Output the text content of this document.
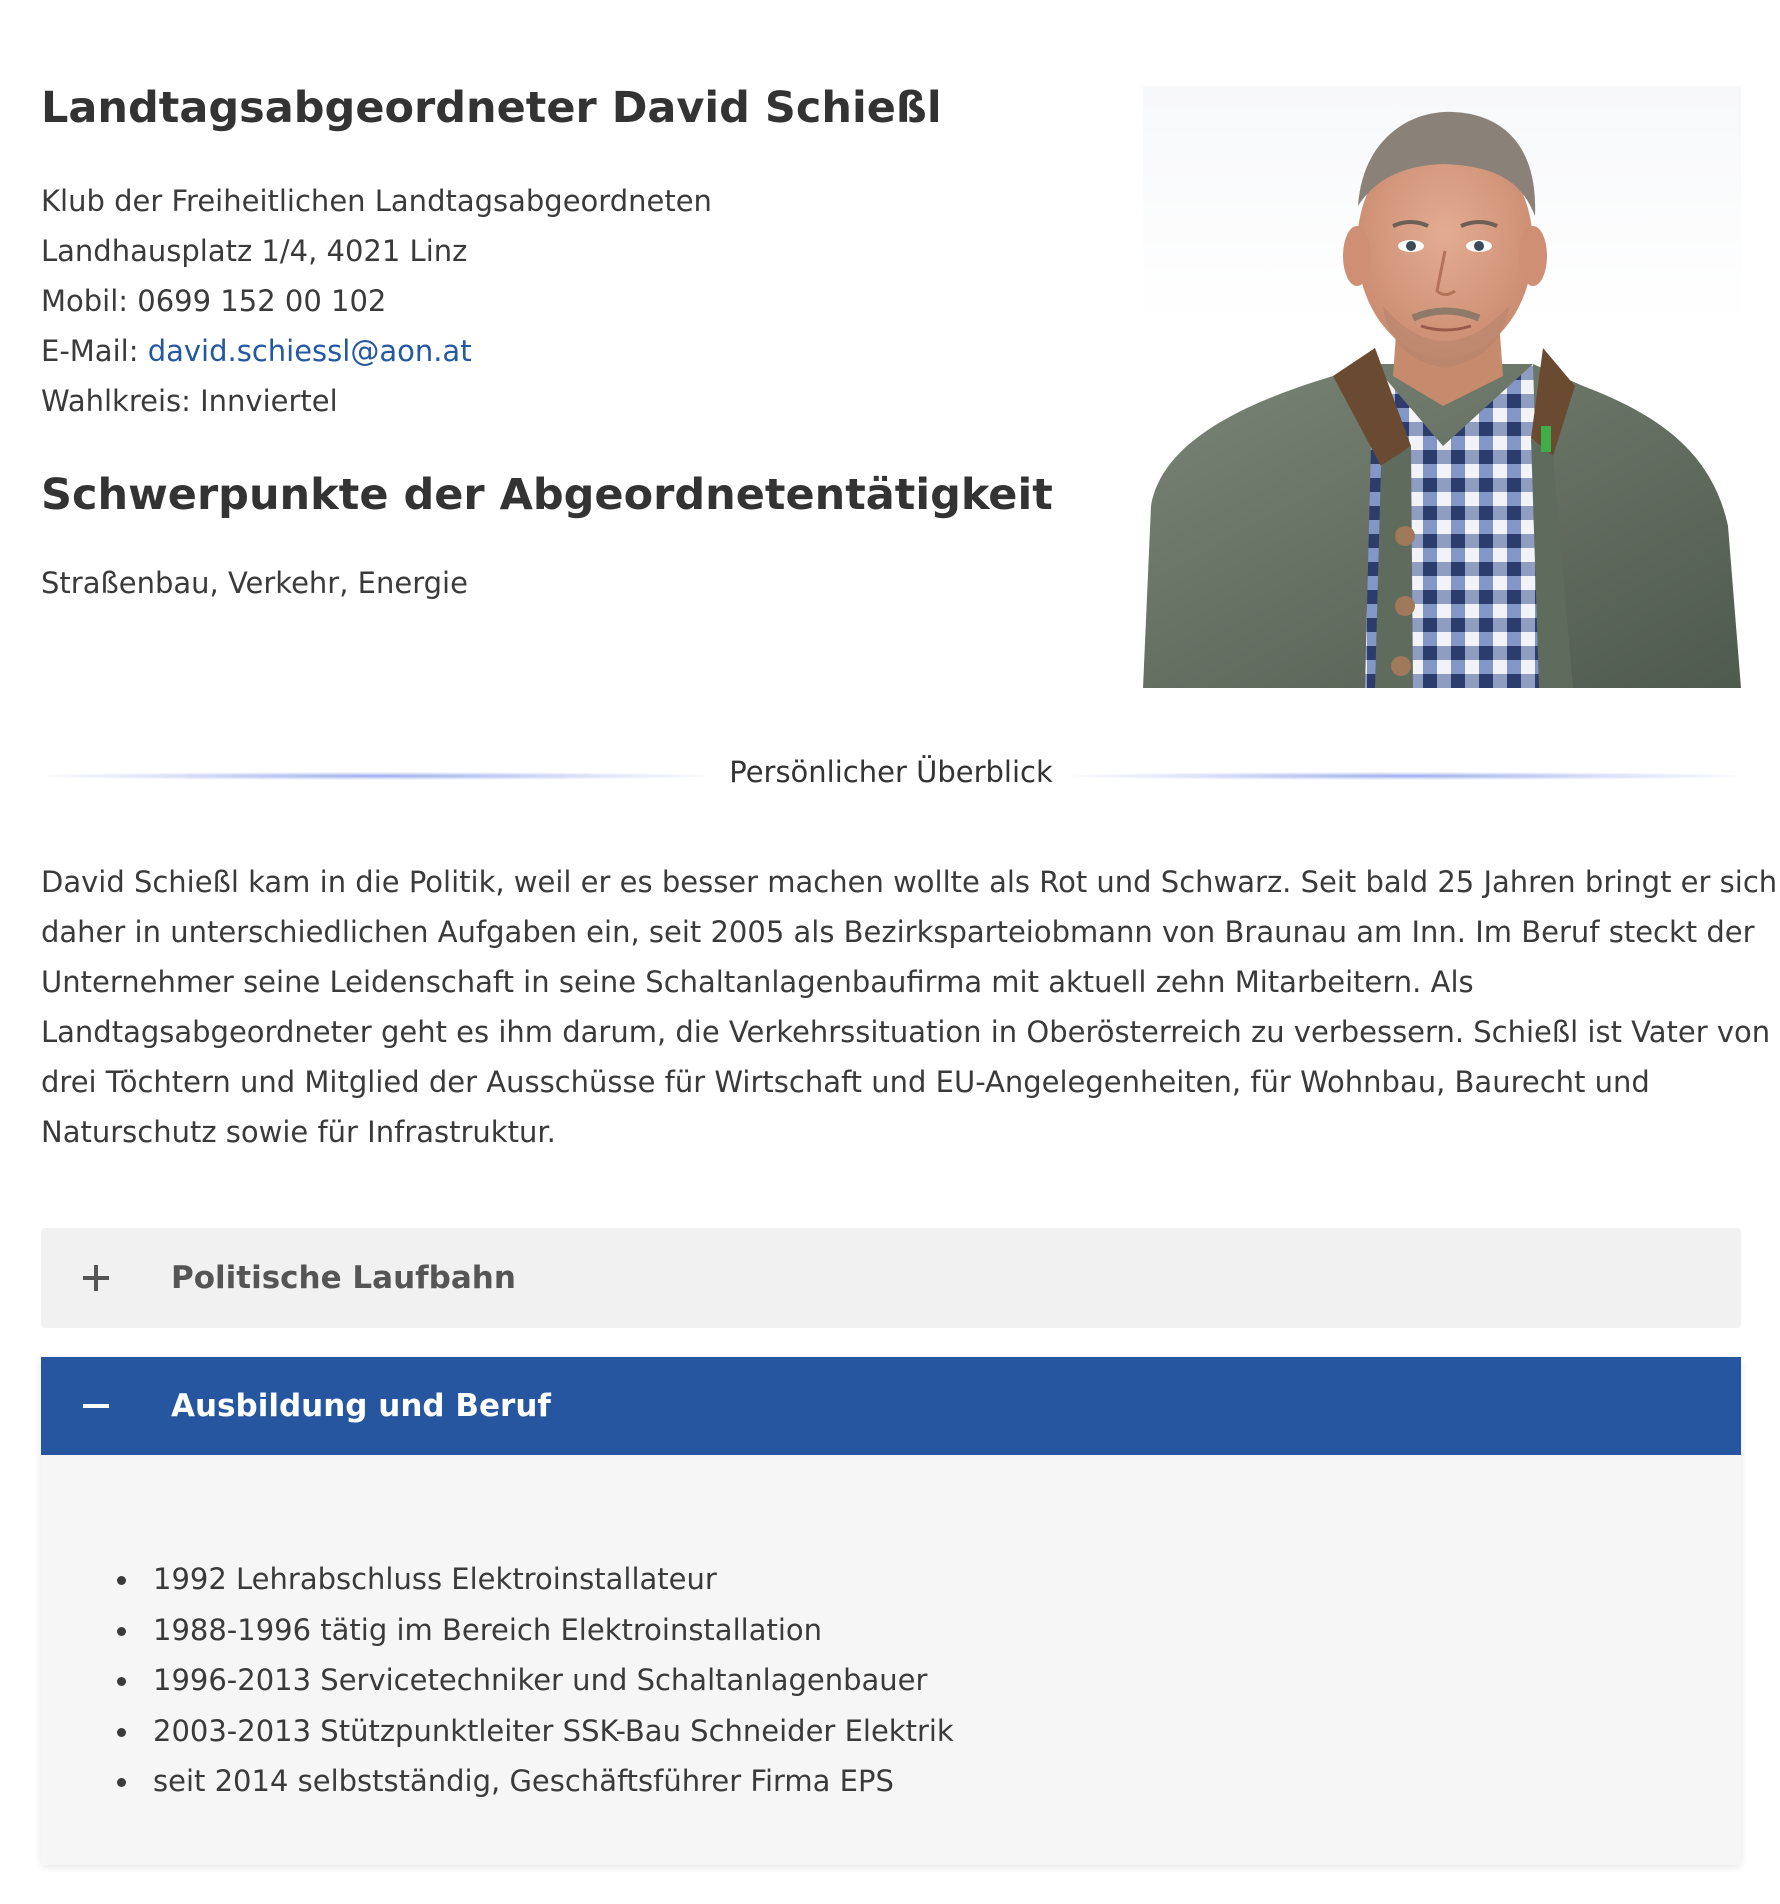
Landtagsabgeordneter David Schießl
Klub der Freiheitlichen Landtagsabgeordneten
Landhausplatz 1/4, 4021 Linz
Mobil: 0699 152 00 102
E-Mail: david.schiessl@aon.at
Wahlkreis: Innviertel
Schwerpunkte der Abgeordnetentätigkeit
Straßenbau, Verkehr, Energie
Persönlicher Überblick
David Schießl kam in die Politik, weil er es besser machen wollte als Rot und Schwarz. Seit bald 25 Jahren bringt er sich
daher in unterschiedlichen Aufgaben ein, seit 2005 als Bezirksparteiobmann von Braunau am Inn. Im Beruf steckt der
Unternehmer seine Leidenschaft in seine Schaltanlagenbaufirma mit aktuell zehn Mitarbeitern. Als
Landtagsabgeordneter geht es ihm darum, die Verkehrssituation in Oberösterreich zu verbessern. Schießl ist Vater von
drei Töchtern und Mitglied der Ausschüsse für Wirtschaft und EU-Angelegenheiten, für Wohnbau, Baurecht und
Naturschutz sowie für Infrastruktur.
Politische Laufbahn
Ausbildung und Beruf
1992 Lehrabschluss Elektroinstallateur
1988-1996 tätig im Bereich Elektroinstallation
1996-2013 Servicetechniker und Schaltanlagenbauer
2003-2013 Stützpunktleiter SSK-Bau Schneider Elektrik
seit 2014 selbstständig, Geschäftsführer Firma EPS
